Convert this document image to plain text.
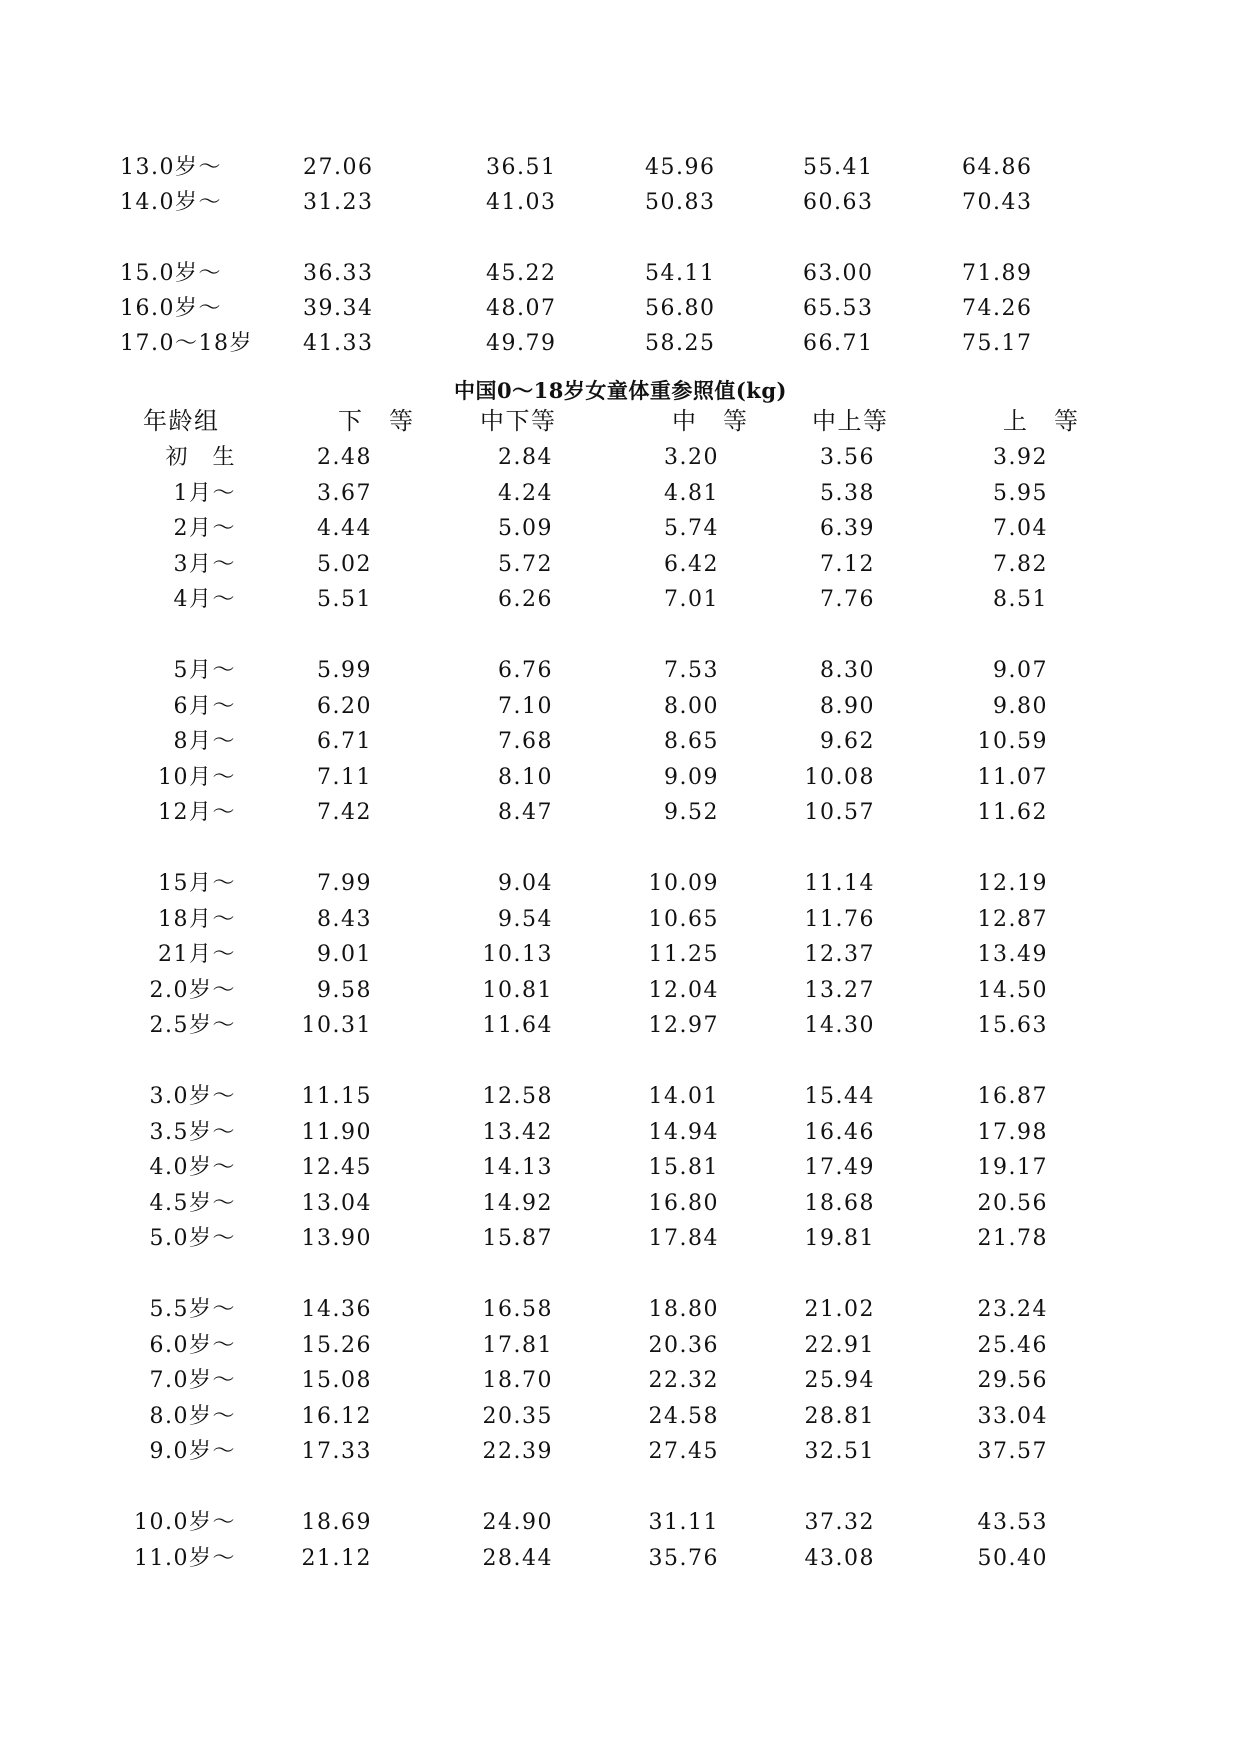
13.0岁～	27.06	36.51	45.96	55.41	64.86
14.0岁～	31.23	41.03	50.83	60.63	70.43
15.0岁～	36.33	45.22	54.11	63.00	71.89
16.0岁～	39.34	48.07	56.80	65.53	74.26
17.0～18岁 41.33	49.79	58.25	66.71	75.17
中国0～18岁女童体重参照值(kg)
年龄组	下　等	中下等	中　等	中上等	上　等
初　生	2.48	2.84	3.20	3.56	3.92
1月～	3.67	4.24	4.81	5.38	5.95
2月～	4.44	5.09	5.74	6.39	7.04
3月～	5.02	5.72	6.42	7.12	7.82
4月～	5.51	6.26	7.01	7.76	8.51
5月～	5.99	6.76	7.53	8.30	9.07
6月～	6.20	7.10	8.00	8.90	9.80
8月～	6.71	7.68	8.65	9.62	10.59
10月～	7.11	8.10	9.09	10.08	11.07
12月～	7.42	8.47	9.52	10.57	11.62
15月～	7.99	9.04	10.09	11.14	12.19
18月～	8.43	9.54	10.65	11.76	12.87
21月～	9.01	10.13	11.25	12.37	13.49
2.0岁～	9.58	10.81	12.04	13.27	14.50
2.5岁～	10.31	11.64	12.97	14.30	15.63
3.0岁～	11.15	12.58	14.01	15.44	16.87
3.5岁～	11.90	13.42	14.94	16.46	17.98
4.0岁～	12.45	14.13	15.81	17.49	19.17
4.5岁～	13.04	14.92	16.80	18.68	20.56
5.0岁～	13.90	15.87	17.84	19.81	21.78
5.5岁～	14.36	16.58	18.80	21.02	23.24
6.0岁～	15.26	17.81	20.36	22.91	25.46
7.0岁～	15.08	18.70	22.32	25.94	29.56
8.0岁～	16.12	20.35	24.58	28.81	33.04
9.0岁～	17.33	22.39	27.45	32.51	37.57
10.0岁～	18.69	24.90	31.11	37.32	43.53
11.0岁～	21.12	28.44	35.76	43.08	50.40
